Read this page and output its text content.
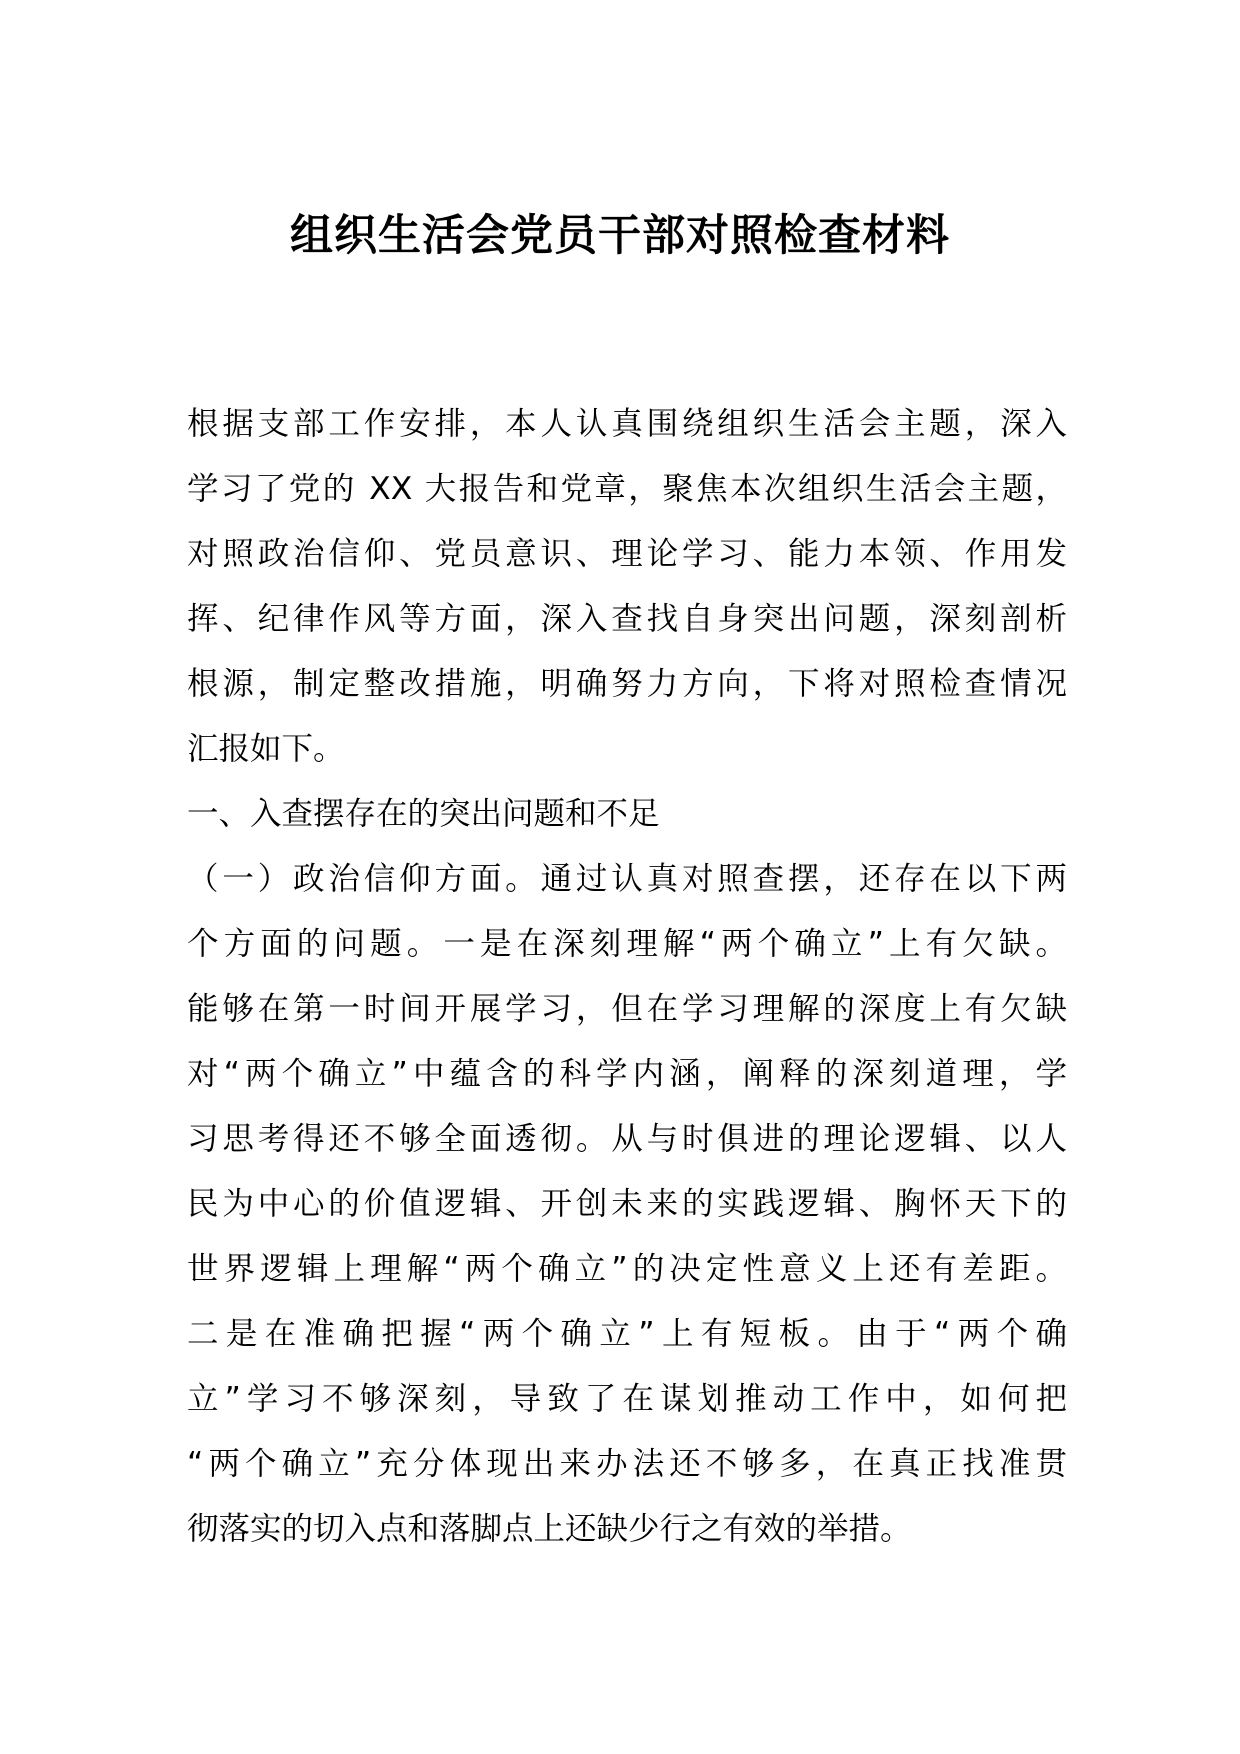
组织生活会党员干部对照检查材料
根据支部工作安排，本人认真围绕组织生活会主题，深入
学习了党的 XX 大报告和党章，聚焦本次组织生活会主题，
对照政治信仰、党员意识、理论学习、能力本领、作用发
挥、纪律作风等方面，深入查找自身突出问题，深刻剖析
根源，制定整改措施，明确努力方向，下将对照检查情况
汇报如下。
一、入查摆存在的突出问题和不足
（一）政治信仰方面。通过认真对照查摆，还存在以下两
个方面的问题。一是在深刻理解“两个确立”上有欠缺。
能够在第一时间开展学习，但在学习理解的深度上有欠缺
对“两个确立”中蕴含的科学内涵，阐释的深刻道理，学
习思考得还不够全面透彻。从与时俱进的理论逻辑、以人
民为中心的价值逻辑、开创未来的实践逻辑、胸怀天下的
世界逻辑上理解“两个确立”的决定性意义上还有差距。
二是在准确把握“两个确立”上有短板。由于“两个确
立”学习不够深刻，导致了在谋划推动工作中，如何把
“两个确立”充分体现出来办法还不够多，在真正找准贯
彻落实的切入点和落脚点上还缺少行之有效的举措。
